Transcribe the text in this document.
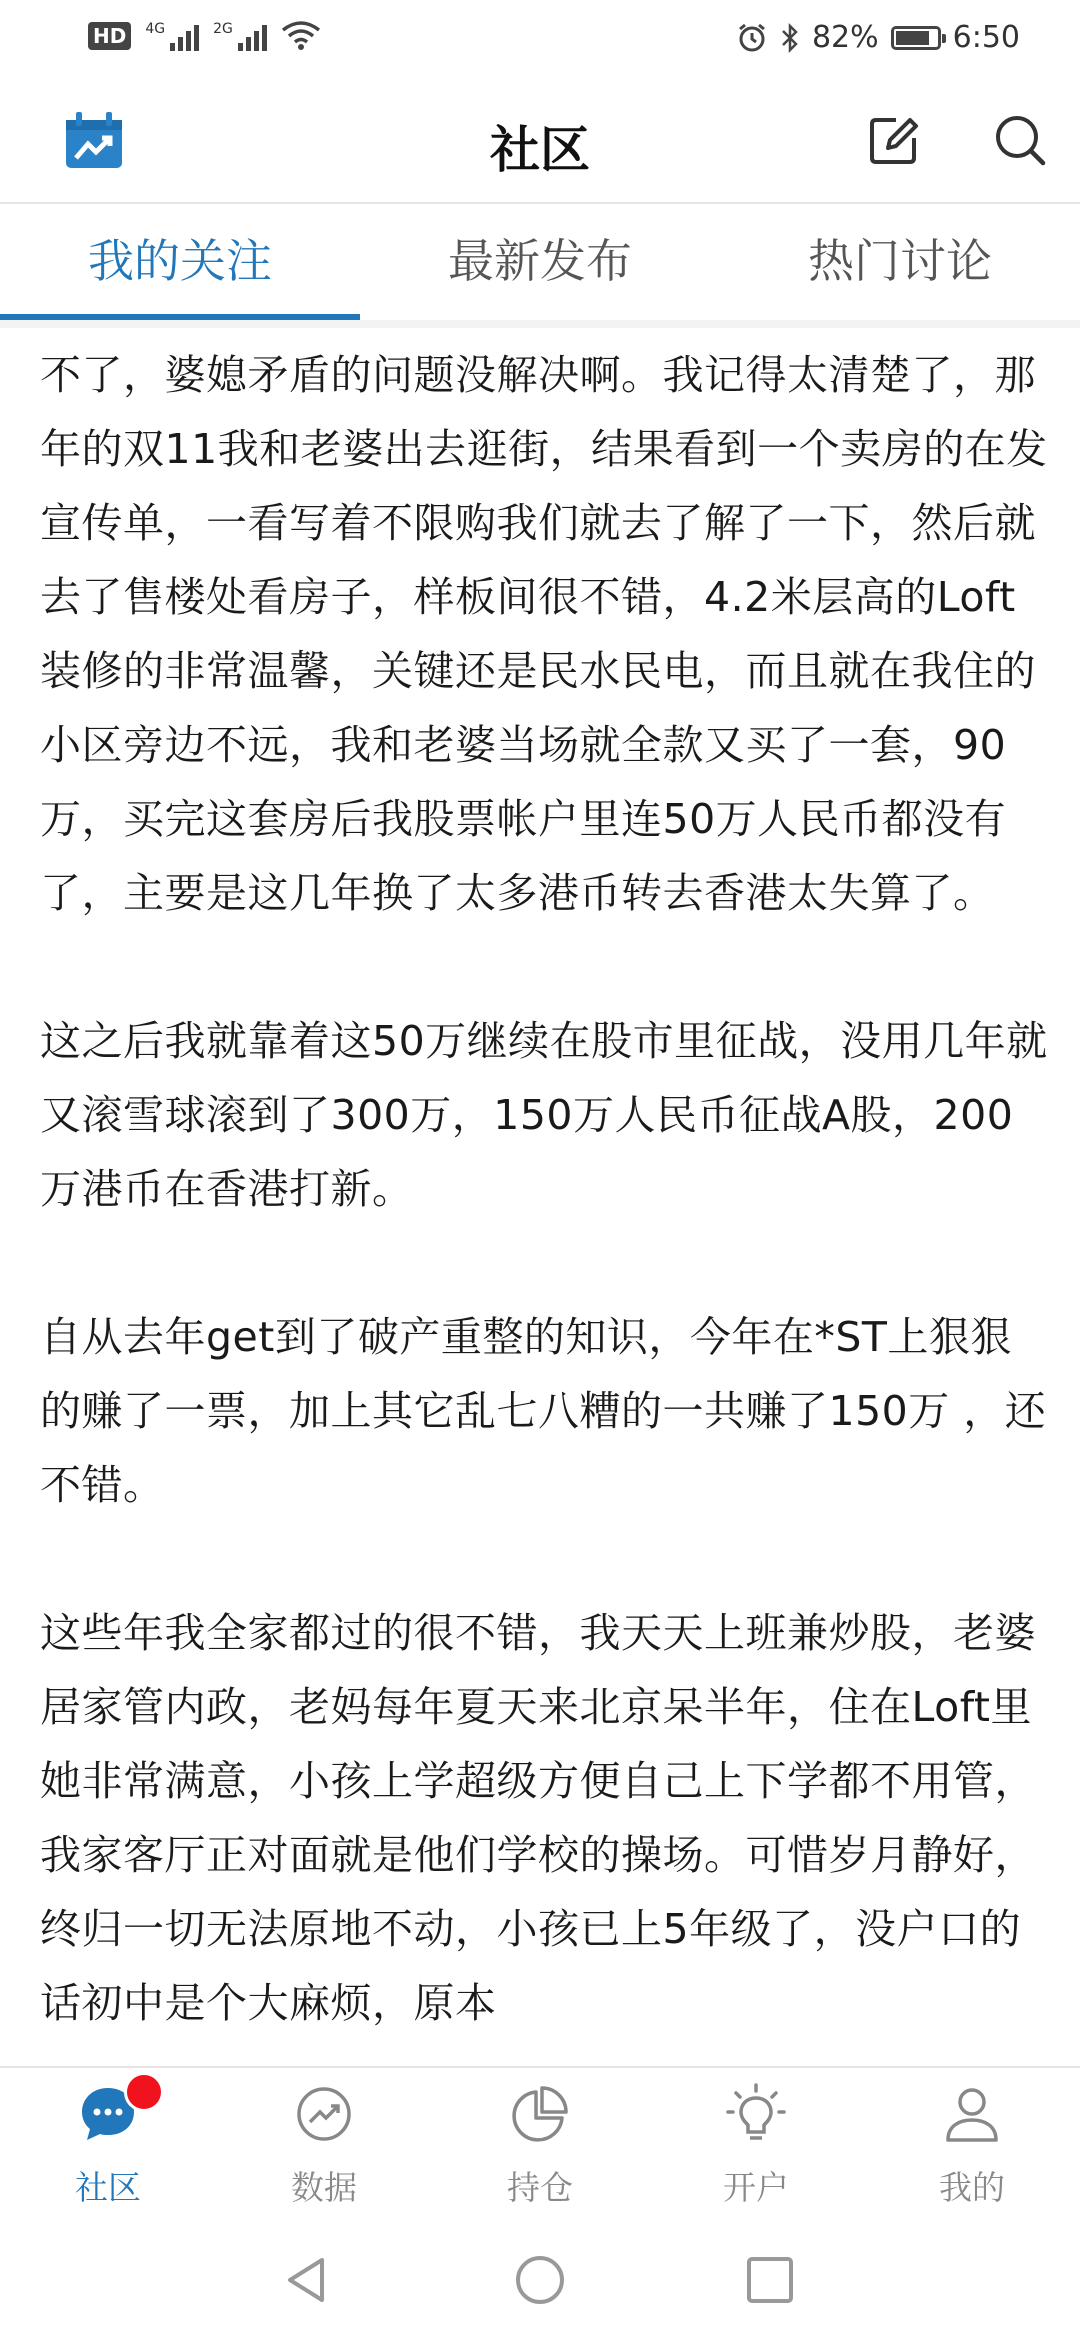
HD	4G	2G	82% 6:50
社区
我的关注	最新发布	热门讨论

不了，婆媳矛盾的问题没解决啊。我记得太清楚了，那年的双11我和老婆出去逛街，结果看到一个卖房的在发宣传单，一看写着不限购我们就去了解了一下，然后就去了售楼处看房子，样板间很不错，4.2米层高的Loft装修的非常温馨，关键还是民水民电，而且就在我住的小区旁边不远，我和老婆当场就全款又买了一套，90万，买完这套房后我股票帐户里连50万人民币都没有了，主要是这几年换了太多港币转去香港太失算了。

这之后我就靠着这50万继续在股市里征战，没用几年就又滚雪球滚到了300万，150万人民币征战A股，200万港币在香港打新。

自从去年get到了破产重整的知识，今年在*ST上狠狠的赚了一票，加上其它乱七八糟的一共赚了150万 ，还不错。

这些年我全家都过的很不错，我天天上班兼炒股，老婆居家管内政，老妈每年夏天来北京呆半年，住在Loft里她非常满意，小孩上学超级方便自己上下学都不用管，我家客厅正对面就是他们学校的操场。可惜岁月静好，终归一切无法原地不动，小孩已上5年级了，没户口的话初中是个大麻烦，原本

社区	数据	持仓	开户	我的
